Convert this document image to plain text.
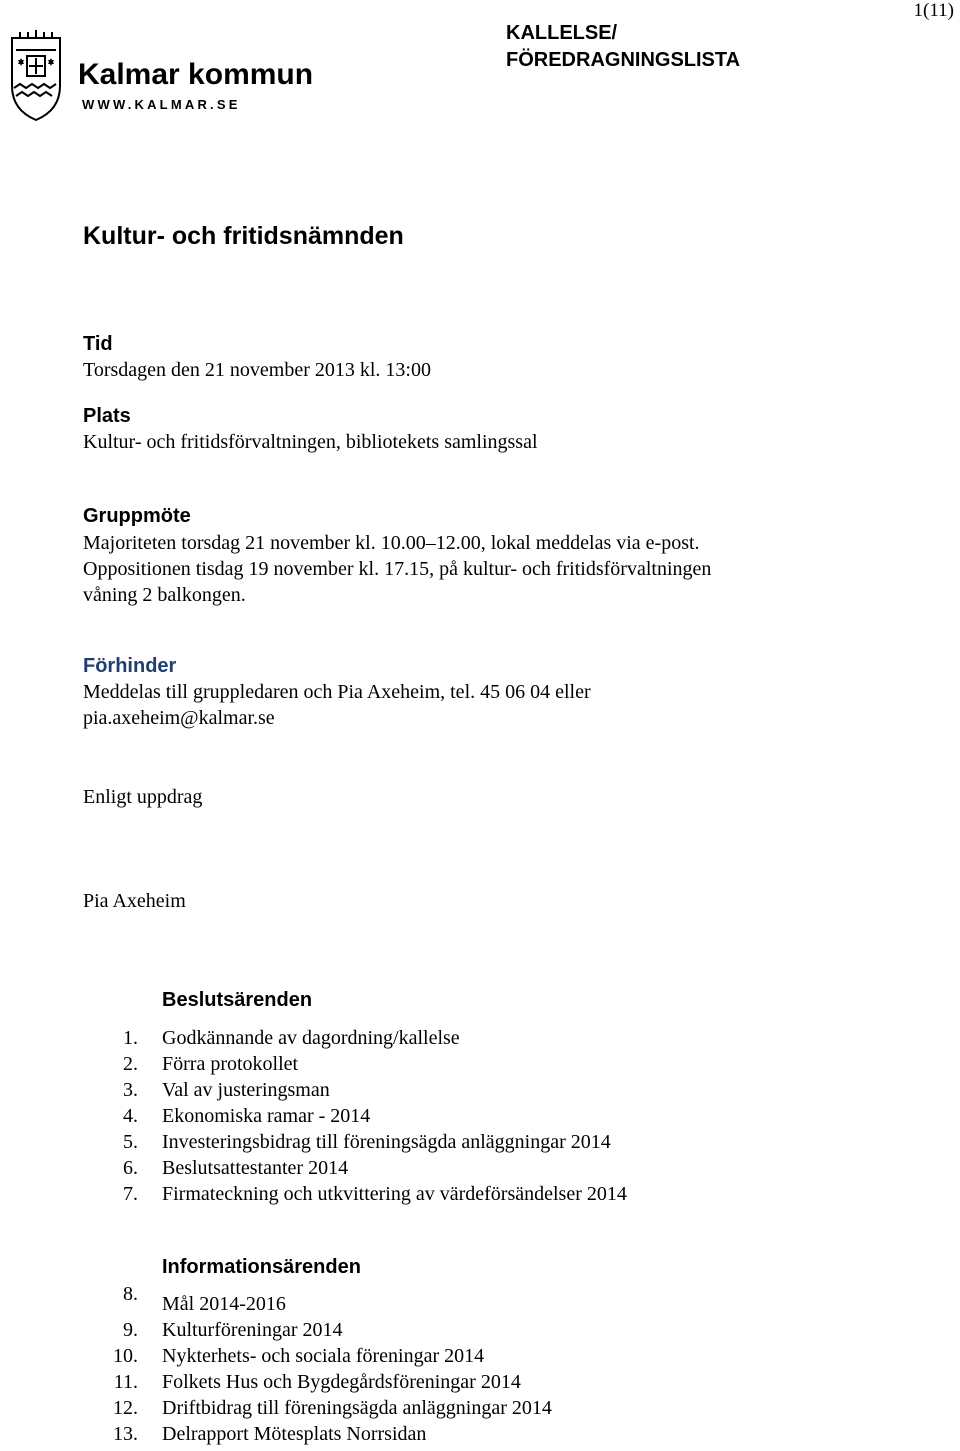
1(11)
Kalmar kommun
WWW.KALMAR.SE
KALLELSE/
FÖREDRAGNINGSLISTA
Kultur- och fritidsnämnden
Tid
Torsdagen den 21 november 2013 kl. 13:00
Plats
Kultur- och fritidsförvaltningen, bibliotekets samlingssal
Gruppmöte
Majoriteten torsdag 21 november kl. 10.00–12.00, lokal meddelas via e-post.
Oppositionen tisdag 19 november kl. 17.15, på kultur- och fritidsförvaltningen
våning 2 balkongen.
Förhinder
Meddelas till gruppledaren och Pia Axeheim, tel. 45 06 04 eller
pia.axeheim@kalmar.se
Enligt uppdrag
Pia Axeheim
Beslutsärenden
1. Godkännande av dagordning/kallelse
2. Förra protokollet
3. Val av justeringsman
4. Ekonomiska ramar - 2014
5. Investeringsbidrag till föreningsägda anläggningar 2014
6. Beslutsattestanter 2014
7. Firmateckning och utkvittering av värdeförsändelser 2014
Informationsärenden
8. Mål 2014-2016
9. Kulturföreningar 2014
10. Nykterhets- och sociala föreningar 2014
11. Folkets Hus och Bygdegårdsföreningar 2014
12. Driftbidrag till föreningsägda anläggningar 2014
13. Delrapport Mötesplats Norrsidan
